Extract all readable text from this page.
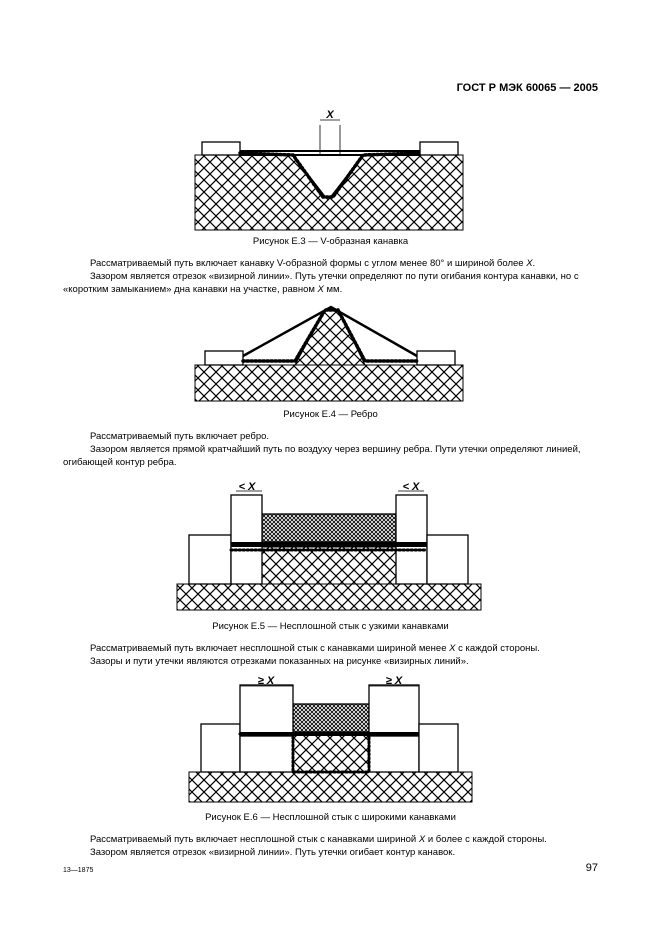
ГОСТ Р МЭК 60065 — 2005
X
Рисунок Е.3 — V-образная канавка
Рассматриваемый путь включает канавку V-образной формы с углом менее 80° и шириной более X.
Зазором является отрезок «визирной линии». Путь утечки определяют по пути огибания контура канавки, но с «коротким замыканием» дна канавки на участке, равном X мм.
Рисунок Е.4 — Ребро
Рассматриваемый путь включает ребро.
Зазором является прямой кратчайший путь по воздуху через вершину ребра. Пути утечки определяют линией, огибающей контур ребра.
< X	< X
Рисунок Е.5 — Несплошной стык с узкими канавками
Рассматриваемый путь включает несплошной стык с канавками шириной менее X с каждой стороны.
Зазоры и пути утечки являются отрезками показанных на рисунке «визирных линий».
≥ X	≥ X
Рисунок Е.6 — Несплошной стык с широкими канавками
Рассматриваемый путь включает несплошной стык с канавками шириной X и более с каждой стороны.
Зазором является отрезок «визирной линии». Путь утечки огибает контур канавок.
13—1875	97
